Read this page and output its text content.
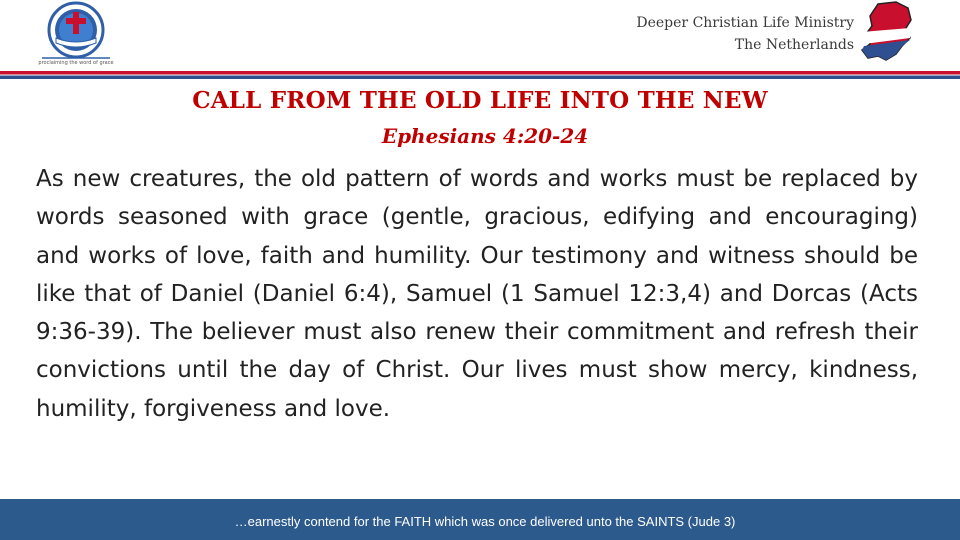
proclaiming the word of grace
Deeper Christian Life Ministry
The Netherlands
CALL FROM THE OLD LIFE INTO THE NEW
Ephesians 4:20-24
As new creatures, the old pattern of words and works must be replaced by words seasoned with grace (gentle, gracious, edifying and encouraging) and works of love, faith and humility. Our testimony and witness should be like that of Daniel (Daniel 6:4), Samuel (1 Samuel 12:3,4) and Dorcas (Acts 9:36-39). The believer must also renew their commitment and refresh their convictions until the day of Christ. Our lives must show mercy, kindness, humility, forgiveness and love.
…earnestly contend for the FAITH which was once delivered unto the SAINTS (Jude 3)
